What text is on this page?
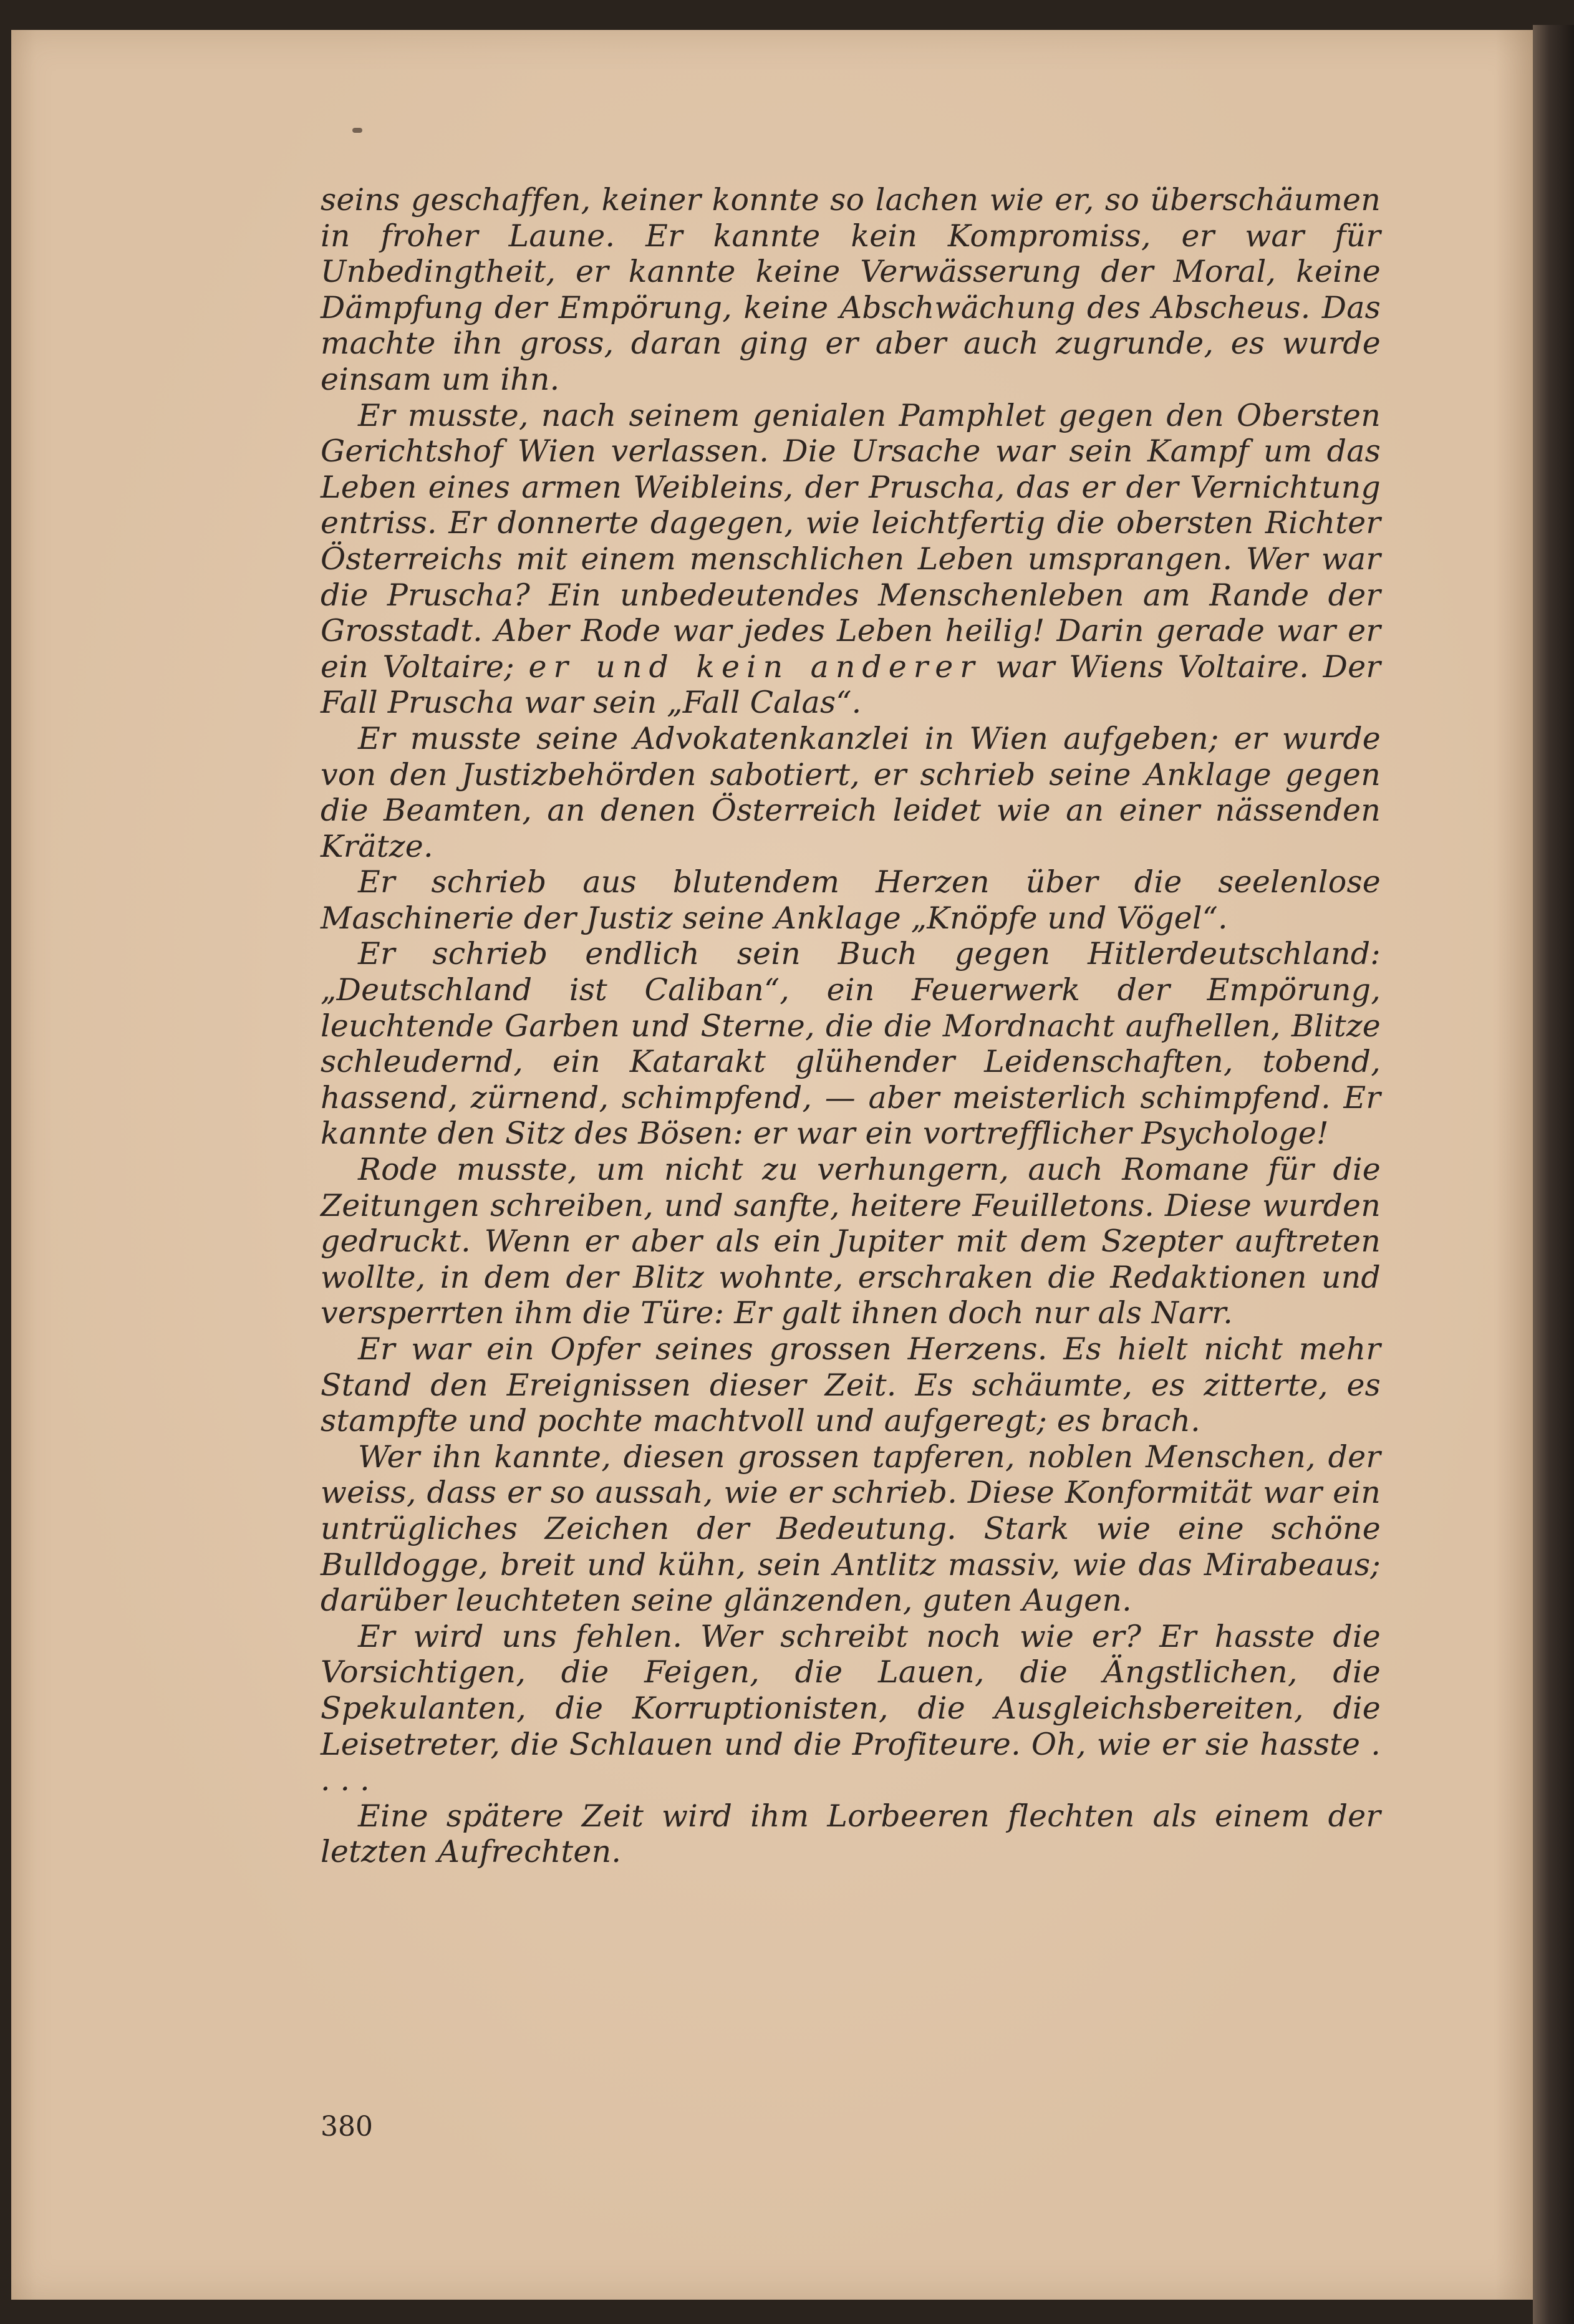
seins geschaffen, keiner konnte so lachen wie er, so überschäumen in froher Laune. Er kannte kein Kompromiss, er war für Unbedingtheit, er kannte keine Verwässerung der Moral, keine Dämpfung der Empörung, keine Abschwächung des Abscheus. Das machte ihn gross, daran ging er aber auch zugrunde, es wurde einsam um ihn.

Er musste, nach seinem genialen Pamphlet gegen den Obersten Gerichtshof Wien verlassen. Die Ursache war sein Kampf um das Leben eines armen Weibleins, der Pruscha, das er der Vernichtung entriss. Er donnerte dagegen, wie leichtfertig die obersten Richter Österreichs mit einem menschlichen Leben umsprangen. Wer war die Pruscha? Ein unbedeutendes Menschenleben am Rande der Grosstadt. Aber Rode war jedes Leben heilig! Darin gerade war er ein Voltaire; er und kein anderer war Wiens Voltaire. Der Fall Pruscha war sein „Fall Calas“.

Er musste seine Advokatenkanzlei in Wien aufgeben; er wurde von den Justizbehörden sabotiert, er schrieb seine Anklage gegen die Beamten, an denen Österreich leidet wie an einer nässenden Krätze.

Er schrieb aus blutendem Herzen über die seelenlose Maschinerie der Justiz seine Anklage „Knöpfe und Vögel“.

Er schrieb endlich sein Buch gegen Hitlerdeutschland: „Deutschland ist Caliban“, ein Feuerwerk der Empörung, leuchtende Garben und Sterne, die die Mordnacht aufhellen, Blitze schleudernd, ein Katarakt glühender Leidenschaften, tobend, hassend, zürnend, schimpfend, — aber meisterlich schimpfend. Er kannte den Sitz des Bösen: er war ein vortrefflicher Psychologe!

Rode musste, um nicht zu verhungern, auch Romane für die Zeitungen schreiben, und sanfte, heitere Feuilletons. Diese wurden gedruckt. Wenn er aber als ein Jupiter mit dem Szepter auftreten wollte, in dem der Blitz wohnte, erschraken die Redaktionen und versperrten ihm die Türe: Er galt ihnen doch nur als Narr.

Er war ein Opfer seines grossen Herzens. Es hielt nicht mehr Stand den Ereignissen dieser Zeit. Es schäumte, es zitterte, es stampfte und pochte machtvoll und aufgeregt; es brach.

Wer ihn kannte, diesen grossen tapferen, noblen Menschen, der weiss, dass er so aussah, wie er schrieb. Diese Konformität war ein untrügliches Zeichen der Bedeutung. Stark wie eine schöne Bulldogge, breit und kühn, sein Antlitz massiv, wie das Mirabeaus; darüber leuchteten seine glänzenden, guten Augen.

Er wird uns fehlen. Wer schreibt noch wie er? Er hasste die Vorsichtigen, die Feigen, die Lauen, die Ängstlichen, die Spekulanten, die Korruptionisten, die Ausgleichsbereiten, die Leisetreter, die Schlauen und die Profiteure. Oh, wie er sie hasste . . . .

Eine spätere Zeit wird ihm Lorbeeren flechten als einem der letzten Aufrechten.

380
